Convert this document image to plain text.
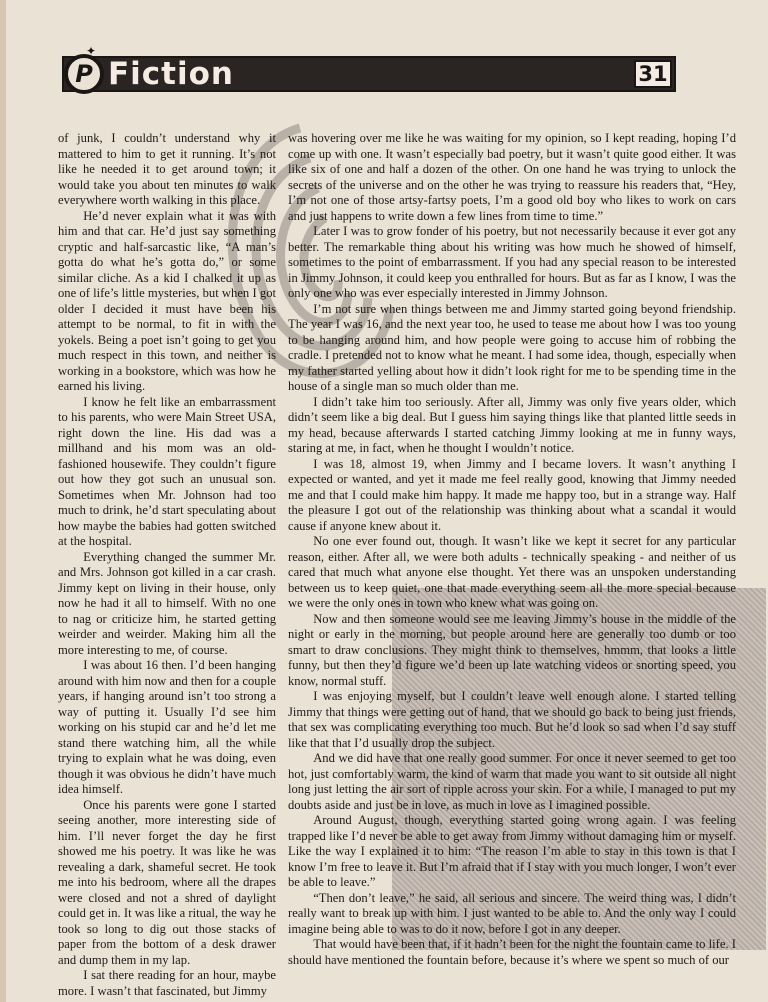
P
✦
Fiction	31

of junk, I couldn’t understand why it mattered to him to get it running. It’s not like he needed it to get around town; it would take you about ten minutes to walk everywhere worth walking in this place.

He’d never explain what it was with him and that car. He’d just say something cryptic and half-sarcastic like, “A man’s gotta do what he’s gotta do,” or some similar cliche. As a kid I chalked it up as one of life’s little mysteries, but when I got older I decided it must have been his attempt to be normal, to fit in with the yokels. Being a poet isn’t going to get you much respect in this town, and neither is working in a bookstore, which was how he earned his living.

I know he felt like an embarrassment to his parents, who were Main Street USA, right down the line. His dad was a millhand and his mom was an old-fashioned housewife. They couldn’t figure out how they got such an unusual son. Sometimes when Mr. Johnson had too much to drink, he’d start speculating about how maybe the babies had gotten switched at the hospital.

Everything changed the summer Mr. and Mrs. Johnson got killed in a car crash. Jimmy kept on living in their house, only now he had it all to himself. With no one to nag or criticize him, he started getting weirder and weirder. Making him all the more interesting to me, of course.

I was about 16 then. I’d been hanging around with him now and then for a couple years, if hanging around isn’t too strong a way of putting it. Usually I’d see him working on his stupid car and he’d let me stand there watching him, all the while trying to explain what he was doing, even though it was obvious he didn’t have much idea himself.

Once his parents were gone I started seeing another, more interesting side of him. I’ll never forget the day he first showed me his poetry. It was like he was revealing a dark, shameful secret. He took me into his bedroom, where all the drapes were closed and not a shred of daylight could get in. It was like a ritual, the way he took so long to dig out those stacks of paper from the bottom of a desk drawer and dump them in my lap.

I sat there reading for an hour, maybe more. I wasn’t that fascinated, but Jimmy

was hovering over me like he was waiting for my opinion, so I kept reading, hoping I’d come up with one. It wasn’t especially bad poetry, but it wasn’t quite good either. It was like six of one and half a dozen of the other. On one hand he was trying to unlock the secrets of the universe and on the other he was trying to reassure his readers that, “Hey, I’m not one of those artsy-fartsy poets, I’m a good old boy who likes to work on cars and just happens to write down a few lines from time to time.”

Later I was to grow fonder of his poetry, but not necessarily because it ever got any better. The remarkable thing about his writing was how much he showed of himself, sometimes to the point of embarrassment. If you had any special reason to be interested in Jimmy Johnson, it could keep you enthralled for hours. But as far as I know, I was the only one who was ever especially interested in Jimmy Johnson.

I’m not sure when things between me and Jimmy started going beyond friendship. The year I was 16, and the next year too, he used to tease me about how I was too young to be hanging around him, and how people were going to accuse him of robbing the cradle. I pretended not to know what he meant. I had some idea, though, especially when my father started yelling about how it didn’t look right for me to be spending time in the house of a single man so much older than me.

I didn’t take him too seriously. After all, Jimmy was only five years older, which didn’t seem like a big deal. But I guess him saying things like that planted little seeds in my head, because afterwards I started catching Jimmy looking at me in funny ways, staring at me, in fact, when he thought I wouldn’t notice.

I was 18, almost 19, when Jimmy and I became lovers. It wasn’t anything I expected or wanted, and yet it made me feel really good, knowing that Jimmy needed me and that I could make him happy. It made me happy too, but in a strange way. Half the pleasure I got out of the relationship was thinking about what a scandal it would cause if anyone knew about it.

No one ever found out, though. It wasn’t like we kept it secret for any particular reason, either. After all, we were both adults - technically speaking - and neither of us cared that much what anyone else thought. Yet there was an unspoken understanding between us to keep quiet, one that made everything seem all the more special because we were the only ones in town who knew what was going on.

Now and then someone would see me leaving Jimmy’s house in the middle of the night or early in the morning, but people around here are generally too dumb or too smart to draw conclusions. They might think to themselves, hmmm, that looks a little funny, but then they’d figure we’d been up late watching videos or snorting speed, you know, normal stuff.

I was enjoying myself, but I couldn’t leave well enough alone. I started telling Jimmy that things were getting out of hand, that we should go back to being just friends, that sex was complicating everything too much. But he’d look so sad when I’d say stuff like that that I’d usually drop the subject.

And we did have that one really good summer. For once it never seemed to get too hot, just comfortably warm, the kind of warm that made you want to sit outside all night long just letting the air sort of ripple across your skin. For a while, I managed to put my doubts aside and just be in love, as much in love as I imagined possible.

Around August, though, everything started going wrong again. I was feeling trapped like I’d never be able to get away from Jimmy without damaging him or myself. Like the way I explained it to him: “The reason I’m able to stay in this town is that I know I’m free to leave it. But I’m afraid that if I stay with you much longer, I won’t ever be able to leave.”

“Then don’t leave,” he said, all serious and sincere. The weird thing was, I didn’t really want to break up with him. I just wanted to be able to. And the only way I could imagine being able to was to do it now, before I got in any deeper.

That would have been that, if it hadn’t been for the night the fountain came to life. I should have mentioned the fountain before, because it’s where we spent so much of our
